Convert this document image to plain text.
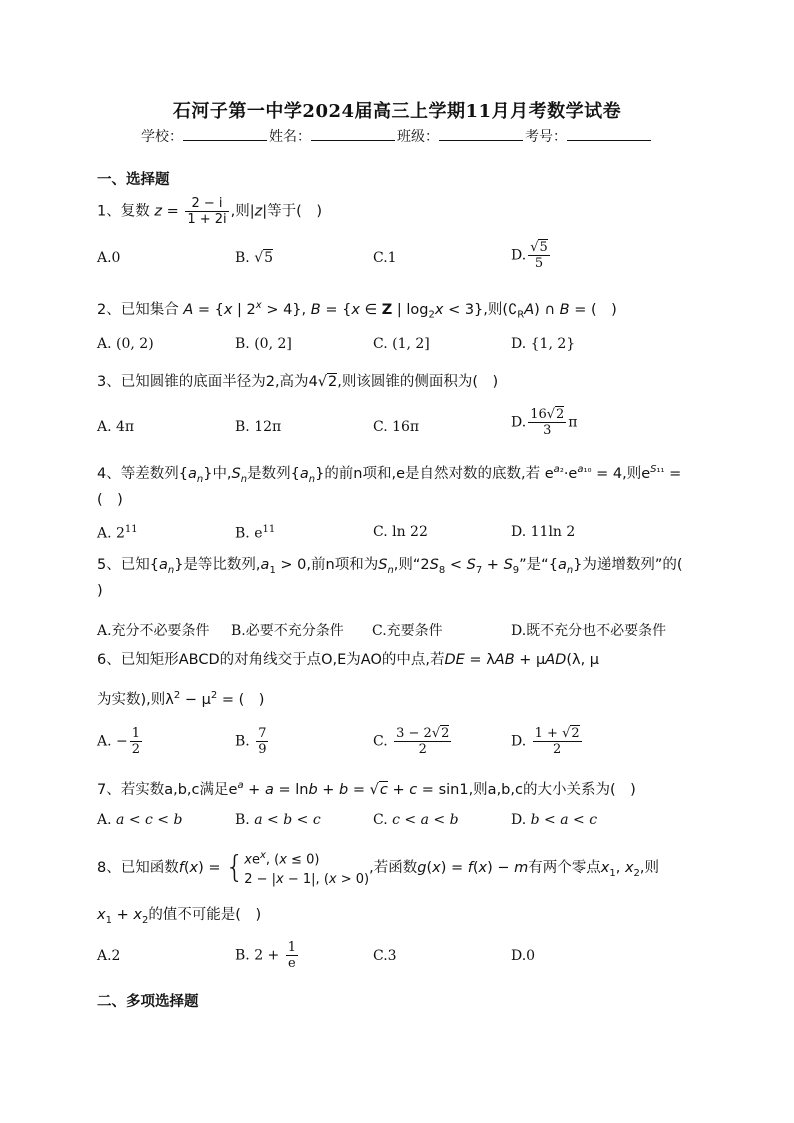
石河子第一中学2024届高三上学期11月月考数学试卷
学校：	姓名：	班级：	考号：
一、选择题
1、复数 $z = \frac{2 - i}{1 + 2i}$ ,则|z|等于(　)
A.0	B. √5	C.1	D. $\frac{√5}{5}$
2、已知集合 A = {x | $2^x > 4$}, B = {x ∈ Z | $\log_2x < 3$},则$(∁_RA)$ ∩ B = (　)
A. (0, 2)	B. (0, 2]	C. (1, 2]	D. {1, 2}
3、已知圆锥的底面半径为2,高为4√2,则该圆锥的侧面积为(　)
A. 4π	B. 12π	C. 16π	D. $\frac{16√2}{3}$ π
4、等差数列$\{a_n\}$中$,S_n$是数列$\{a_n\}$的前n项和,e是自然对数的底数,若 $e^{a_2}\cdot e^{a_{10}} = 4$,则$e^{S_{11}}$ =
(　)
A. $2^{11}$	B. $e^{11}$	C. ln 22	D. 11ln 2
5、已知$\{a_n\}$是等比数列$,a_1 > 0$,前n项和为$S_n$,则“$2S_8 < S_7 + S_9$”是“$\{a_n\}$为递增数列”的(
)
A.充分不必要条件 B.必要不充分条件 C.充要条件	D.既不充分也不必要条件
6、已知矩形ABCD的对角线交于点O,E为AO的中点,若DE = λAB + μAD(λ, μ
为实数),则$\lambda^2 - \mu^2$ = (　)
A. − $\frac{1}{2}$	B. $\frac{7}{9}$	C. $\frac{3 - 2√2}{2}$	D. $\frac{1 + √2}{2}$
7、若实数a,b,c满足$e^a + a = \ln b + b = √c + c = \sin 1$,则a,b,c的大小关系为(　)
A. a < c < b	B. a < b < c	C. c < a < b	D. b < a < c
8、已知函数$f(x) = \{xe^x$, (x ≤ 0)
2 − |x − 1|, (x > 0),若函数g(x) = f(x) − m有两个零点$x_1$, $x_2$,则
$x_1 + x_2$的值不可能是(　)
A.2	B. $2 + \frac{1}{e}$	C.3	D.0
二、多项选择题
